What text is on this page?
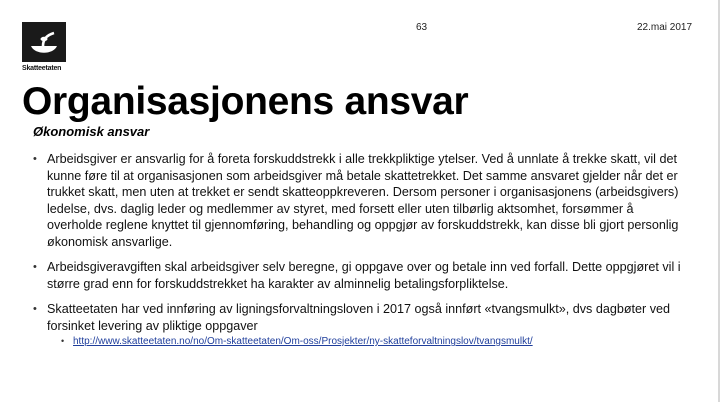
Skatteetaten
63	22.mai 2017
Organisasjonens ansvar
Økonomisk ansvar
• Arbeidsgiver er ansvarlig for å foreta forskuddstrekk i alle trekkpliktige ytelser. Ved å unnlate å trekke skatt, vil det kunne føre til at organisasjonen som arbeidsgiver må betale skattetrekket. Det samme ansvaret gjelder når det er trukket skatt, men uten at trekket er sendt skatteoppkreveren. Dersom personer i organisasjonens (arbeidsgivers) ledelse, dvs. daglig leder og medlemmer av styret, med forsett eller uten tilbørlig aktsomhet, forsømmer å overholde reglene knyttet til gjennomføring, behandling og oppgjør av forskuddstrekk, kan disse bli gjort personlig økonomisk ansvarlige.
• Arbeidsgiveravgiften skal arbeidsgiver selv beregne, gi oppgave over og betale inn ved forfall. Dette oppgjøret vil i større grad enn for forskuddstrekket ha karakter av alminnelig betalingsforpliktelse.
• Skatteetaten har ved innføring av ligningsforvaltningsloven i 2017 også innført «tvangsmulkt», dvs dagbøter ved forsinket levering av pliktige oppgaver
• http://www.skatteetaten.no/no/Om-skatteetaten/Om-oss/Prosjekter/ny-skatteforvaltningslov/tvangsmulkt/
